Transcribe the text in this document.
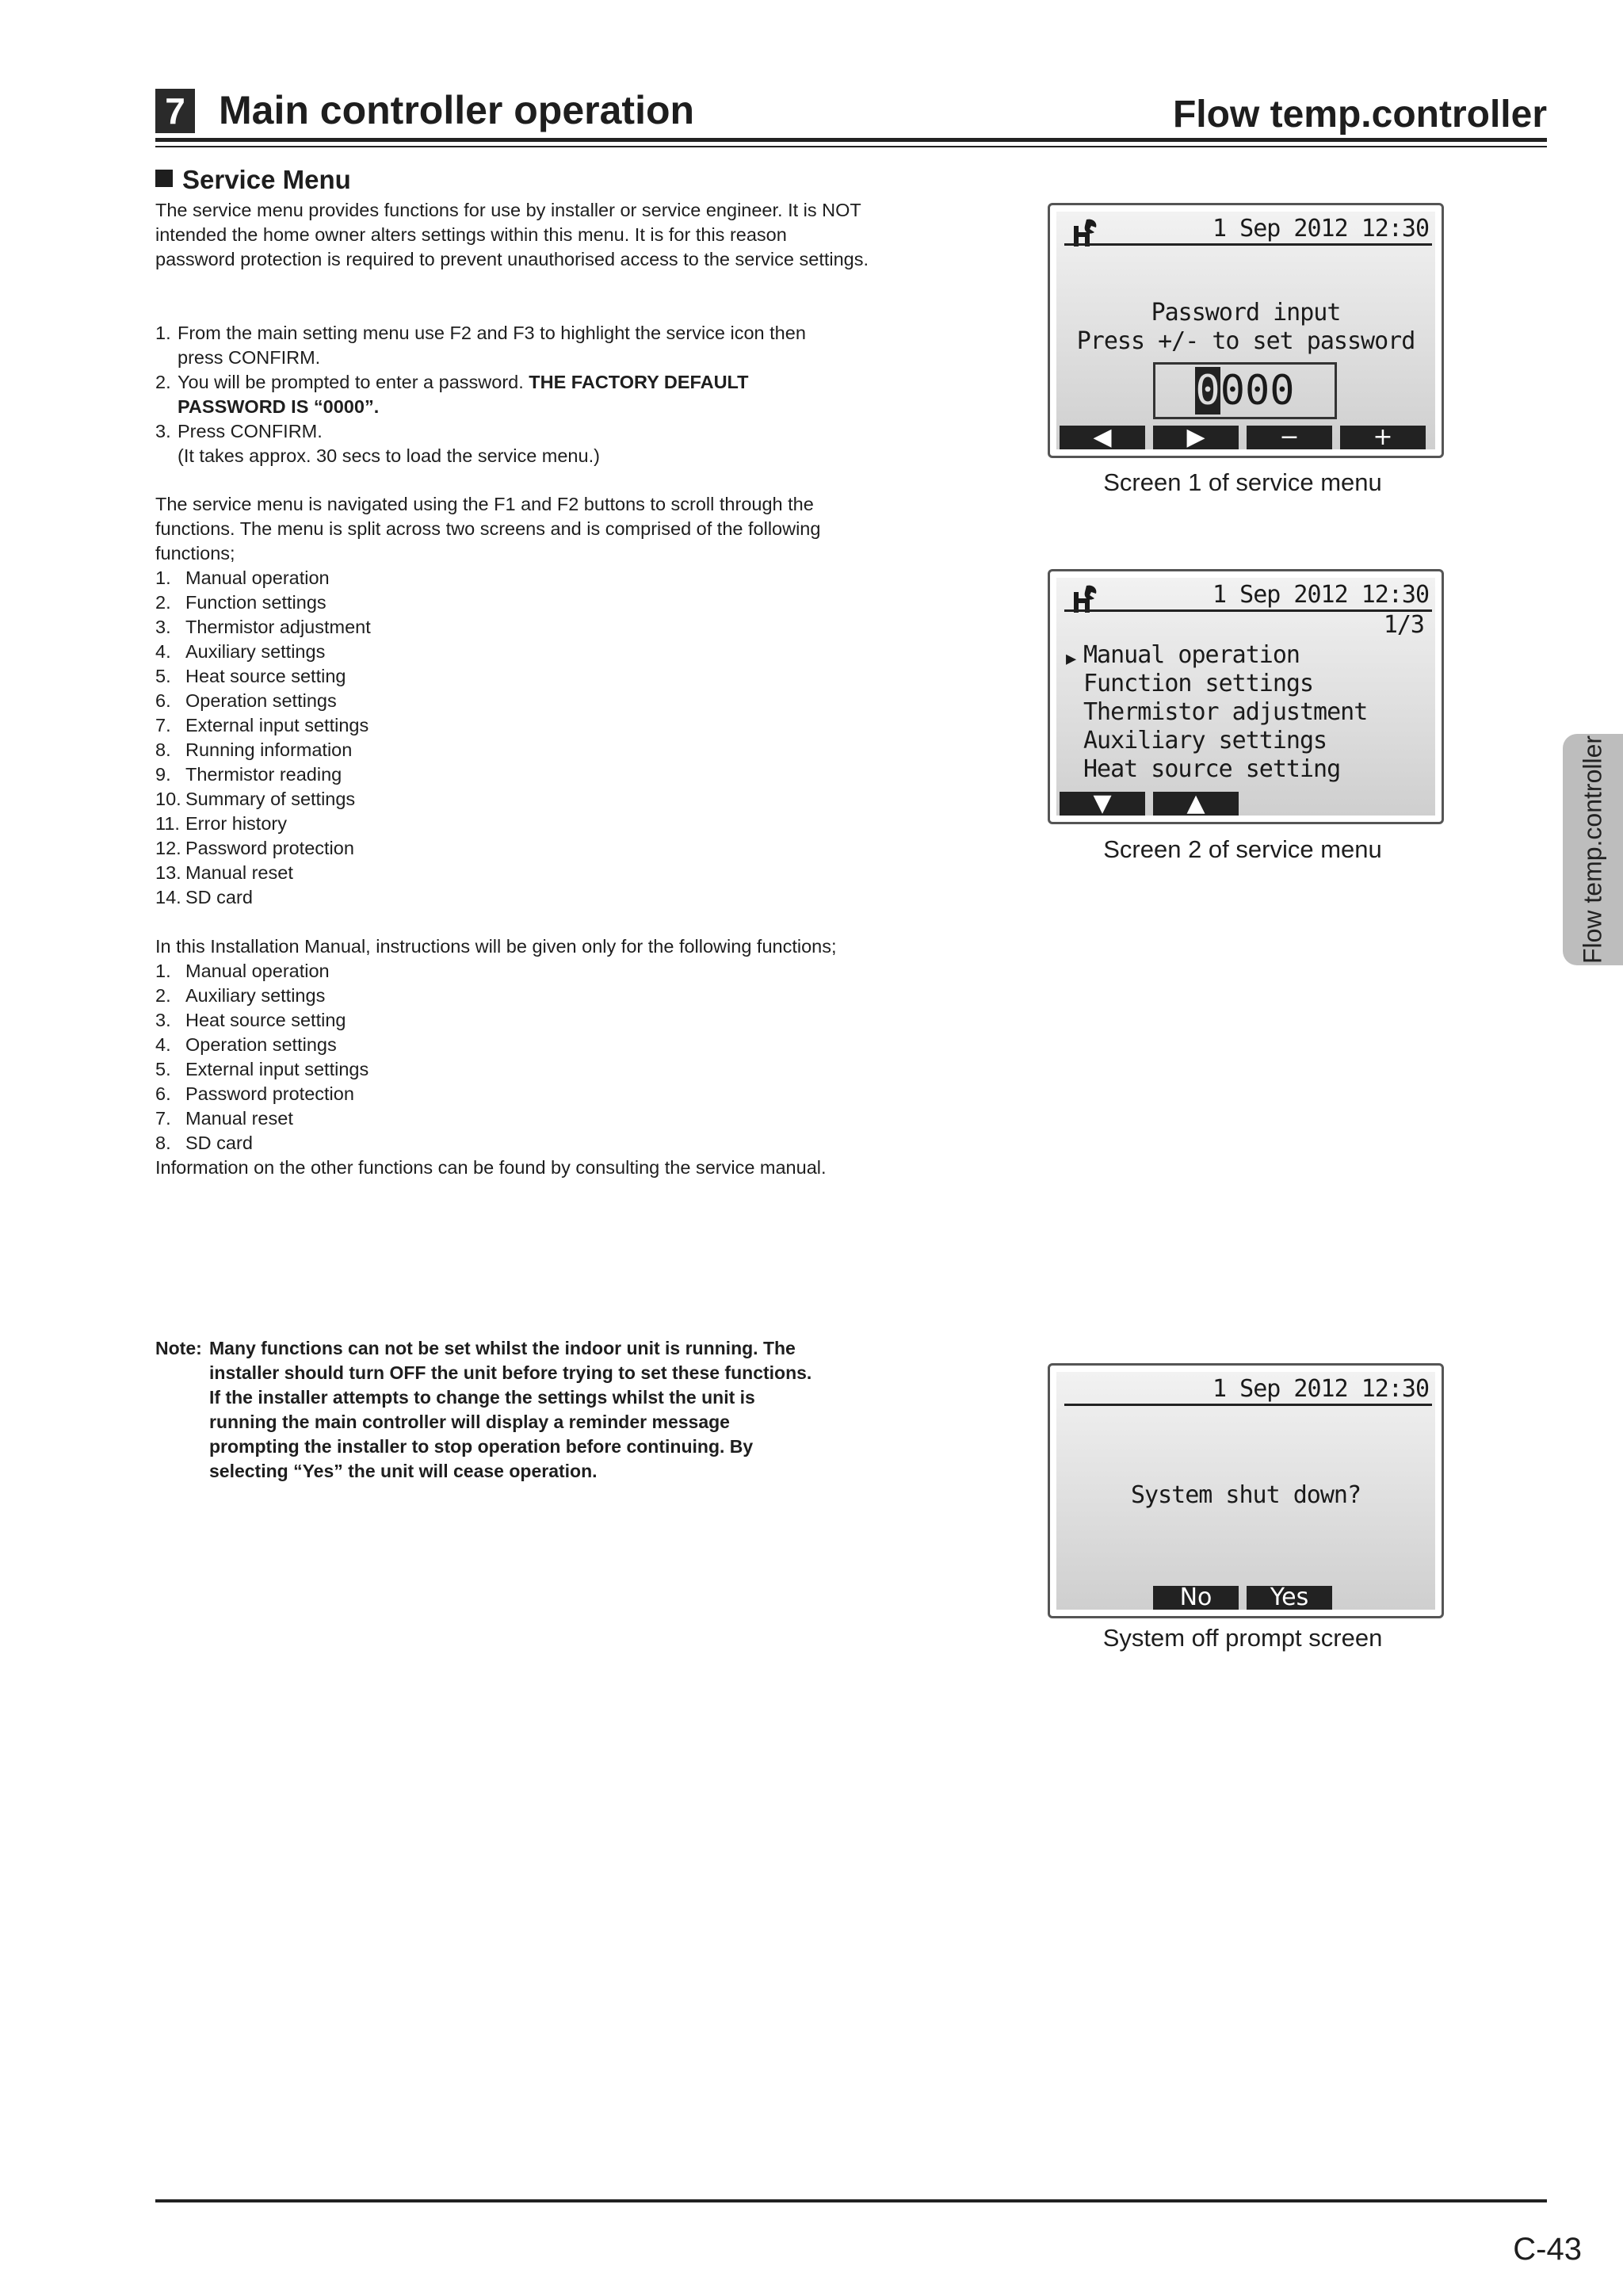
7 Main controller operation	Flow temp.controller
Service Menu
The service menu provides functions for use by installer or service engineer. It is NOT intended the home owner alters settings within this menu. It is for this reason password protection is required to prevent unauthorised access to the service settings.
1. From the main setting menu use F2 and F3 to highlight the service icon then
press CONFIRM.
2. You will be prompted to enter a password. THE FACTORY DEFAULT
PASSWORD IS “0000”.
3. Press CONFIRM.
(It takes approx. 30 secs to load the service menu.)
The service menu is navigated using the F1 and F2 buttons to scroll through the functions. The menu is split across two screens and is comprised of the following functions;
1. Manual operation
2. Function settings
3. Thermistor adjustment
4. Auxiliary settings
5. Heat source setting
6. Operation settings
7. External input settings
8. Running information
9. Thermistor reading
10. Summary of settings
11. Error history
12. Password protection
13. Manual reset
14. SD card
In this Installation Manual, instructions will be given only for the following functions;
1. Manual operation
2. Auxiliary settings
3. Heat source setting
4. Operation settings
5. External input settings
6. Password protection
7. Manual reset
8. SD card
Information on the other functions can be found by consulting the service manual.
Note: Many functions can not be set whilst the indoor unit is running. The
installer should turn OFF the unit before trying to set these functions.
If the installer attempts to change the settings whilst the unit is
running the main controller will display a reminder message
prompting the installer to stop operation before continuing. By
selecting “Yes” the unit will cease operation.
1 Sep 2012 12:30
Password input
Press +/- to set password
0000
◀	▶	−	+
Screen 1 of service menu
1 Sep 2012 12:30
1/3
▶ Manual operation
Function settings
Thermistor adjustment
Auxiliary settings
Heat source setting
▼	▲
Screen 2 of service menu
1 Sep 2012 12:30
System shut down?
No	Yes
System off prompt screen
Flow temp.controller
C-43
